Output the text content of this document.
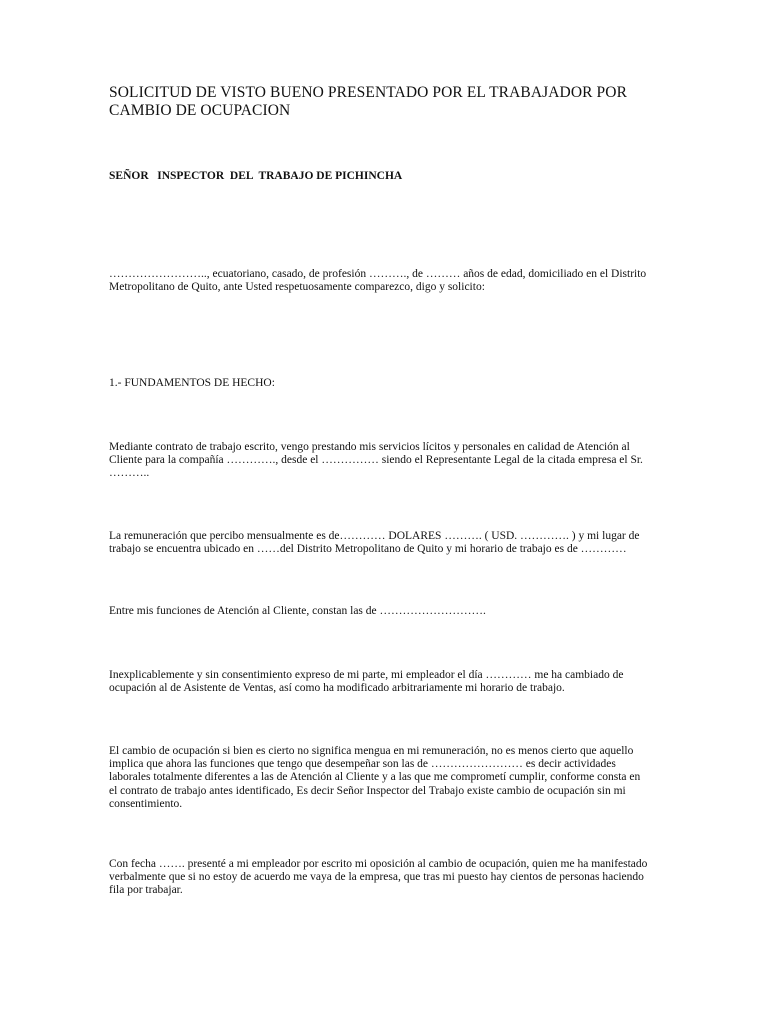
SOLICITUD DE VISTO BUENO PRESENTADO POR EL TRABAJADOR POR CAMBIO DE OCUPACION

SEÑOR   INSPECTOR  DEL  TRABAJO DE PICHINCHA

…………………….., ecuatoriano, casado, de profesión ………., de ……… años de edad, domiciliado en el Distrito Metropolitano de Quito, ante Usted respetuosamente comparezco, digo y solicito:

1.- FUNDAMENTOS DE HECHO:

Mediante contrato de trabajo escrito, vengo prestando mis servicios lícitos y personales en calidad de Atención al Cliente para la compañía …………., desde el …………… siendo el Representante Legal de la citada empresa el Sr. ………..

La remuneración que percibo mensualmente es de………… DOLARES ………. ( USD. …………. ) y mi lugar de trabajo se encuentra ubicado en ……del Distrito Metropolitano de Quito y mi horario de trabajo es de …………

Entre mis funciones de Atención al Cliente, constan las de ……………………….

Inexplicablemente y sin consentimiento expreso de mi parte, mi empleador el día ………… me ha cambiado de ocupación al de Asistente de Ventas, así como ha modificado arbitrariamente mi horario de trabajo.

El cambio de ocupación si bien es cierto no significa mengua en mi remuneración, no es menos cierto que aquello implica que ahora las funciones que tengo que desempeñar son las de …………………… es decir actividades laborales totalmente diferentes a las de Atención al Cliente y a las que me comprometí cumplir, conforme consta en el contrato de trabajo antes identificado, Es decir Señor Inspector del Trabajo existe cambio de ocupación sin mi consentimiento.

Con fecha ……. presenté a mi empleador por escrito mi oposición al cambio de ocupación, quien me ha manifestado verbalmente que si no estoy de acuerdo me vaya de la empresa, que tras mi puesto hay cientos de personas haciendo fila por trabajar.
